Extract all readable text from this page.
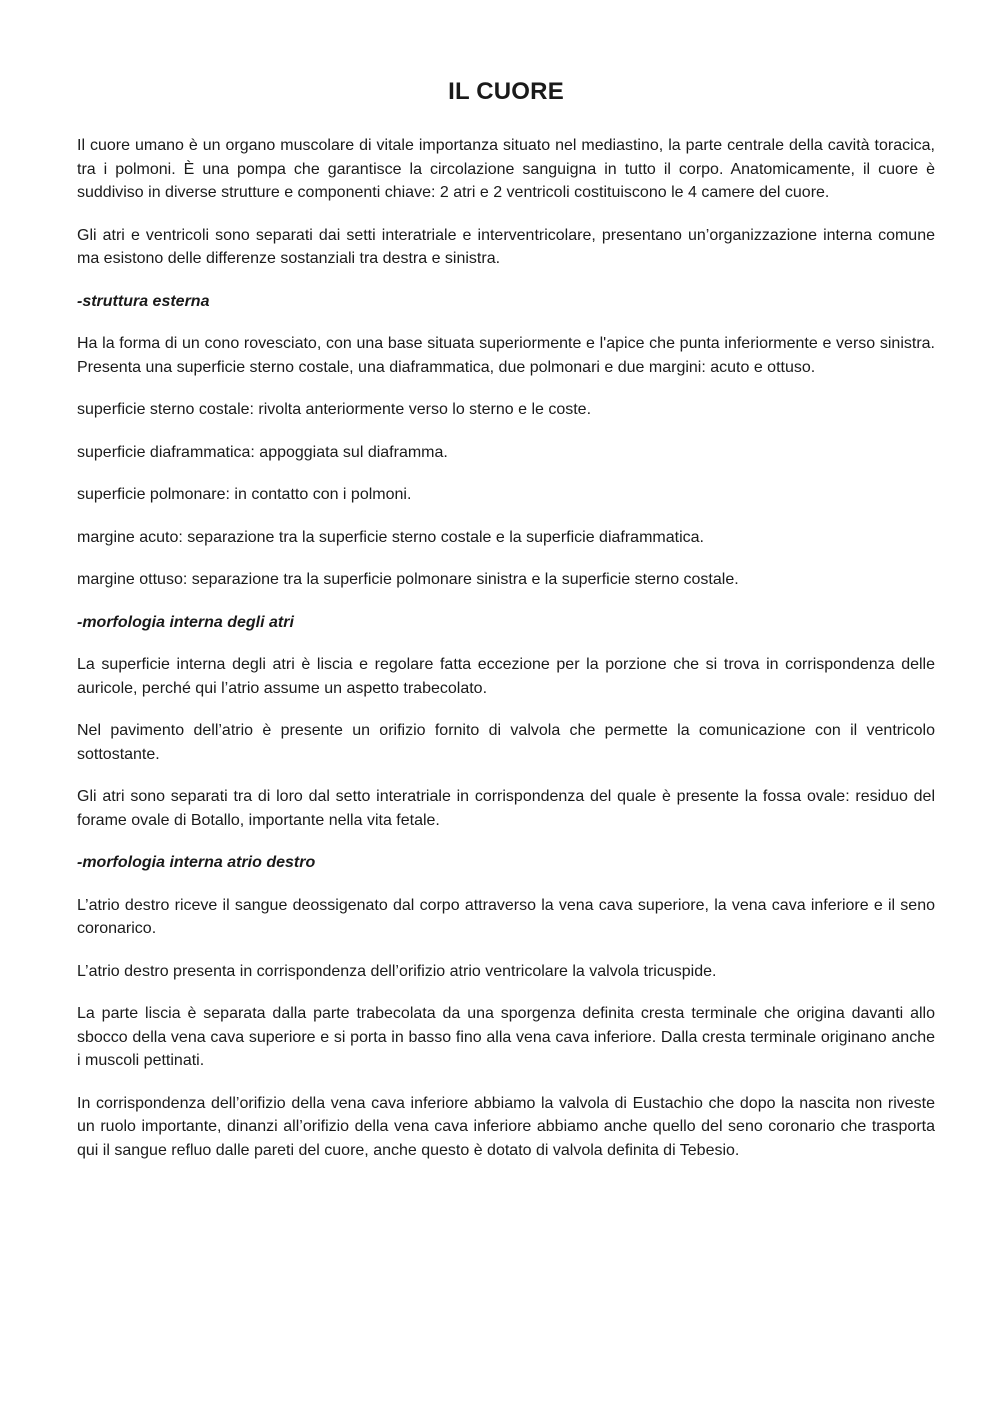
IL CUORE

Il cuore umano è un organo muscolare di vitale importanza situato nel mediastino, la parte centrale della cavità toracica, tra i polmoni. È una pompa che garantisce la circolazione sanguigna in tutto il corpo. Anatomicamente, il cuore è suddiviso in diverse strutture e componenti chiave: 2 atri e 2 ventricoli costituiscono le 4 camere del cuore.

Gli atri e ventricoli sono separati dai setti interatriale e interventricolare, presentano un’organizzazione interna comune ma esistono delle differenze sostanziali tra destra e sinistra.

-struttura esterna

Ha la forma di un cono rovesciato, con una base situata superiormente e l'apice che punta inferiormente e verso sinistra. Presenta una superficie sterno costale, una diaframmatica, due polmonari e due margini: acuto e ottuso.

superficie sterno costale: rivolta anteriormente verso lo sterno e le coste.

superficie diaframmatica: appoggiata sul diaframma.

superficie polmonare: in contatto con i polmoni.

margine acuto: separazione tra la superficie sterno costale e la superficie diaframmatica.

margine ottuso: separazione tra la superficie polmonare sinistra e la superficie sterno costale.

-morfologia interna degli atri

La superficie interna degli atri è liscia e regolare fatta eccezione per la porzione che si trova in corrispondenza delle auricole, perché qui l’atrio assume un aspetto trabecolato.

Nel pavimento dell’atrio è presente un orifizio fornito di valvola che permette la comunicazione con il ventricolo sottostante.

Gli atri sono separati tra di loro dal setto interatriale in corrispondenza del quale è presente la fossa ovale: residuo del forame ovale di Botallo, importante nella vita fetale.

-morfologia interna atrio destro

L’atrio destro riceve il sangue deossigenato dal corpo attraverso la vena cava superiore, la vena cava inferiore e il seno coronarico.

L’atrio destro presenta in corrispondenza dell’orifizio atrio ventricolare la valvola tricuspide.

La parte liscia è separata dalla parte trabecolata da una sporgenza definita cresta terminale che origina davanti allo sbocco della vena cava superiore e si porta in basso fino alla vena cava inferiore. Dalla cresta terminale originano anche i muscoli pettinati.

In corrispondenza dell’orifizio della vena cava inferiore abbiamo la valvola di Eustachio che dopo la nascita non riveste un ruolo importante, dinanzi all’orifizio della vena cava inferiore abbiamo anche quello del seno coronario che trasporta qui il sangue refluo dalle pareti del cuore, anche questo è dotato di valvola definita di Tebesio.
